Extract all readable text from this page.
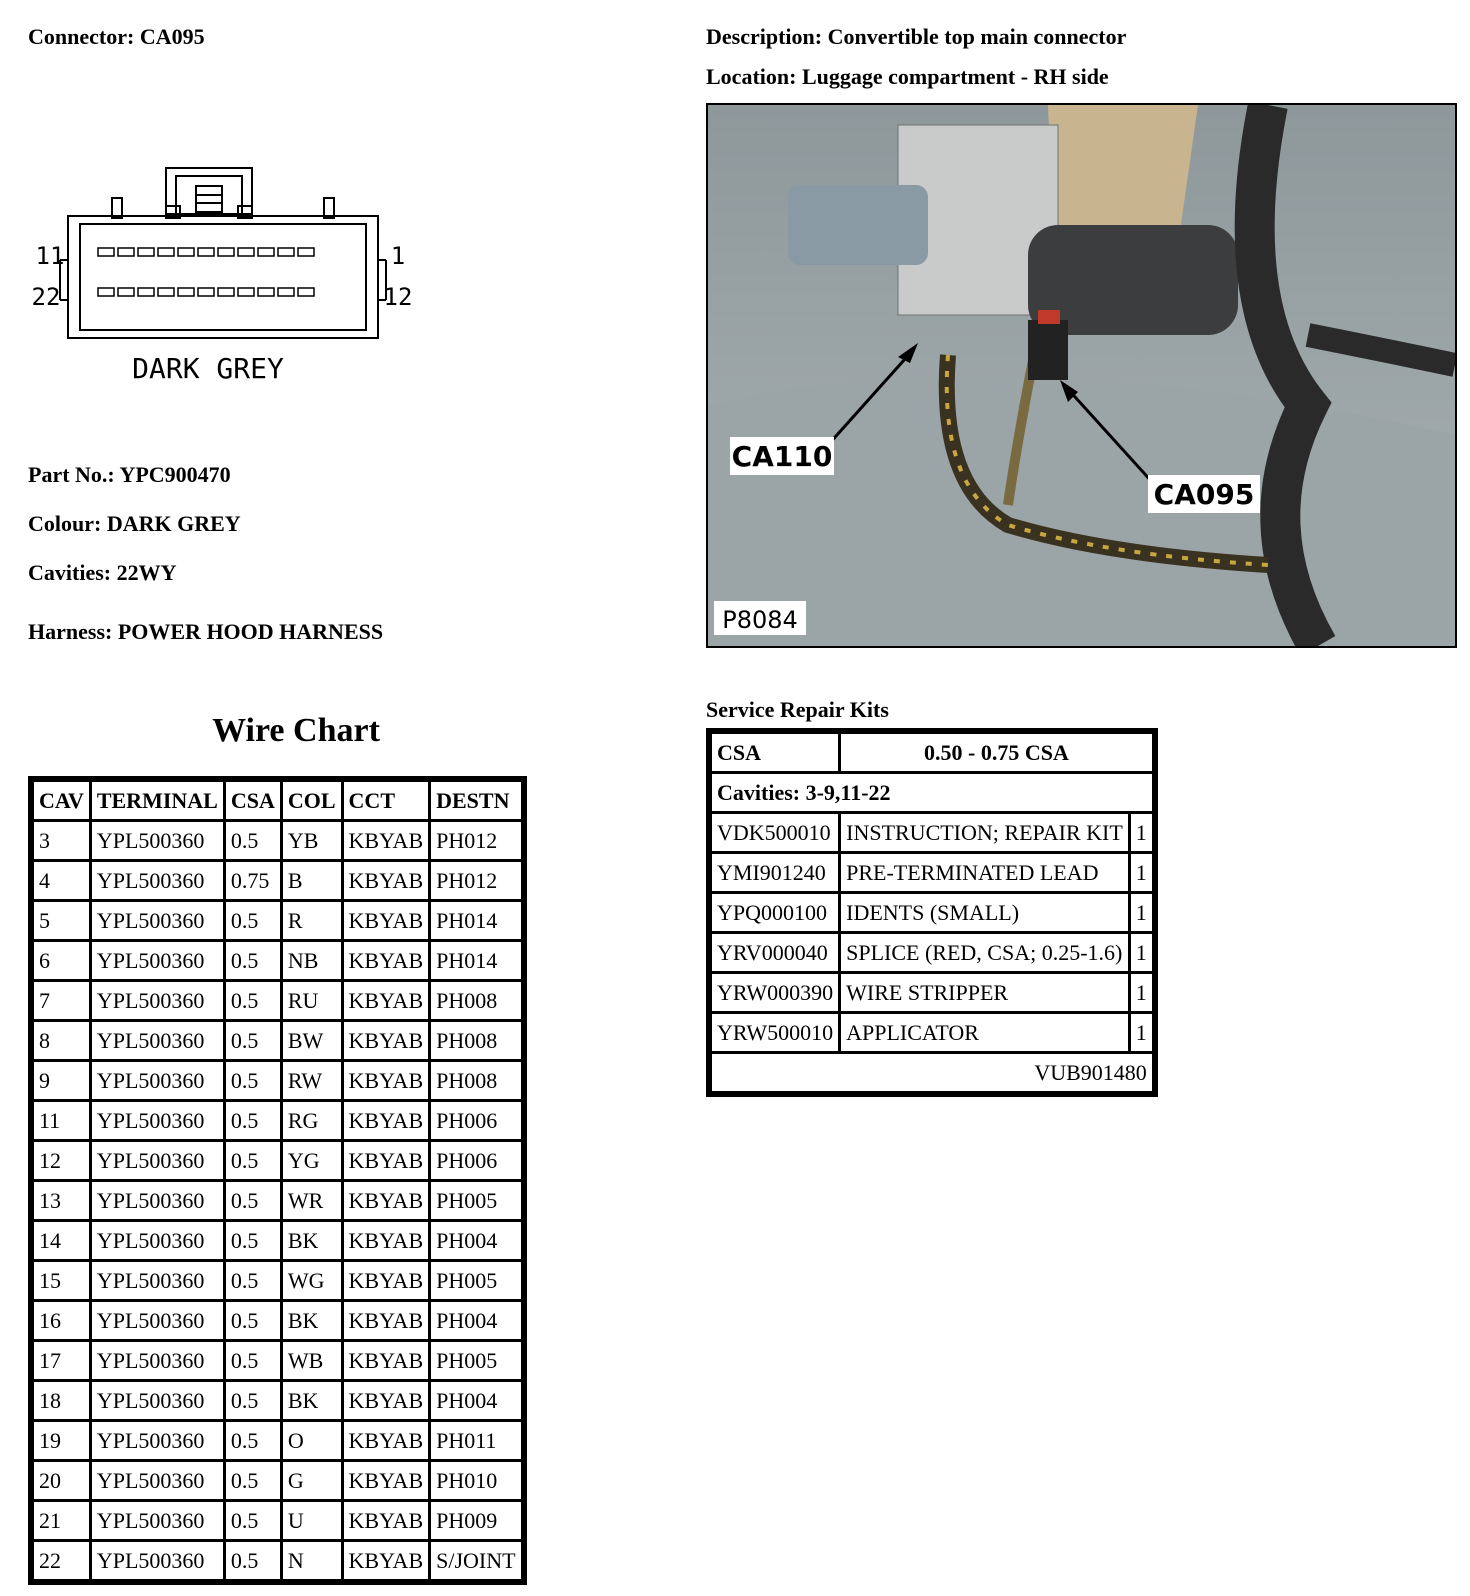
Connector: CA095	Description: Convertible top main connector
Location: Luggage compartment - RH side
11	1
22	12
DARK GREY
Part No.: YPC900470
Colour: DARK GREY
Cavities: 22WY
Harness: POWER HOOD HARNESS
CA110
CA095
P8084
Wire Chart
CAV	TERMINAL	CSA	COL	CCT	DESTN
3	YPL500360	0.5	YB	KBYAB	PH012
4	YPL500360	0.75	B	KBYAB	PH012
5	YPL500360	0.5	R	KBYAB	PH014
6	YPL500360	0.5	NB	KBYAB	PH014
7	YPL500360	0.5	RU	KBYAB	PH008
8	YPL500360	0.5	BW	KBYAB	PH008
9	YPL500360	0.5	RW	KBYAB	PH008
11	YPL500360	0.5	RG	KBYAB	PH006
12	YPL500360	0.5	YG	KBYAB	PH006
13	YPL500360	0.5	WR	KBYAB	PH005
14	YPL500360	0.5	BK	KBYAB	PH004
15	YPL500360	0.5	WG	KBYAB	PH005
16	YPL500360	0.5	BK	KBYAB	PH004
17	YPL500360	0.5	WB	KBYAB	PH005
18	YPL500360	0.5	BK	KBYAB	PH004
19	YPL500360	0.5	O	KBYAB	PH011
20	YPL500360	0.5	G	KBYAB	PH010
21	YPL500360	0.5	U	KBYAB	PH009
22	YPL500360	0.5	N	KBYAB	S/JOINT
Service Repair Kits
CSA	0.50 - 0.75 CSA	
Cavities: 3-9,11-22		
VDK500010	INSTRUCTION; REPAIR KIT	1
YMI901240	PRE-TERMINATED LEAD	1
YPQ000100	IDENTS (SMALL)	1
YRV000040	SPLICE (RED, CSA; 0.25-1.6)	1
YRW000390	WIRE STRIPPER	1
YRW500010	APPLICATOR	1
VUB901480		
